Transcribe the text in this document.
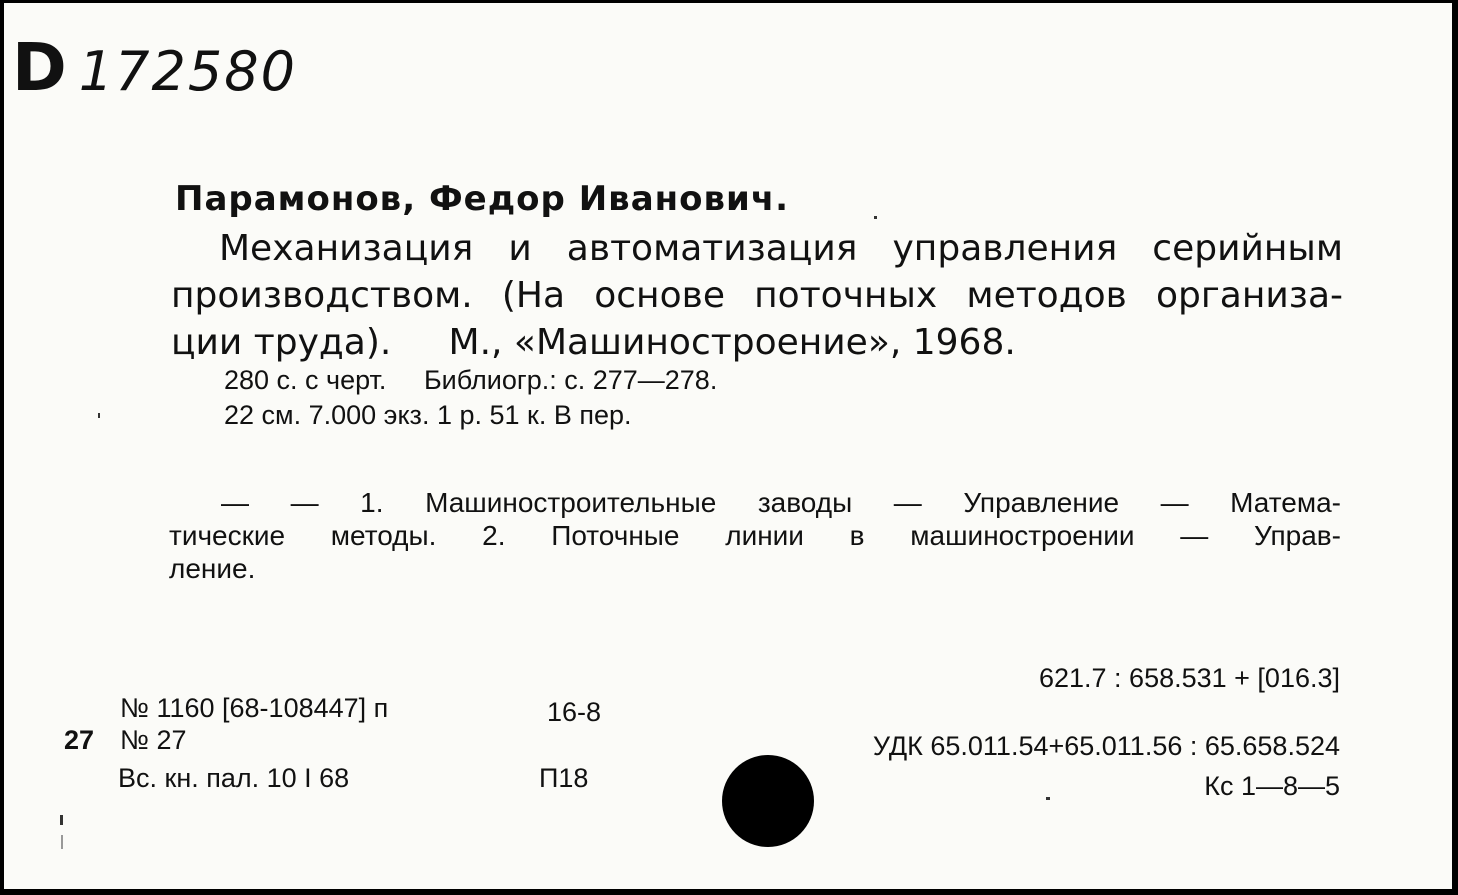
D 172580
Парамонов, Федор Иванович.
Механизация и автоматизация управления серийным
производством. (На основе поточных методов организа-
ции труда).     М., «Машиностроение», 1968.
280 с. с черт.     Библиогр.: с. 277—278.
22 см. 7.000 экз. 1 р. 51 к. В пер.
— — 1. Машиностроительные заводы — Управление — Матема-
тические методы. 2. Поточные линии в машиностроении — Управ-
ление.
№ 1160 [68-108447] п	16-8
27 № 27
Вс. кн. пал. 10 I 68	П18
621.7 : 658.531 + [016.3]
УДК 65.011.54+65.011.56 : 65.658.524
Кс 1—8—5
